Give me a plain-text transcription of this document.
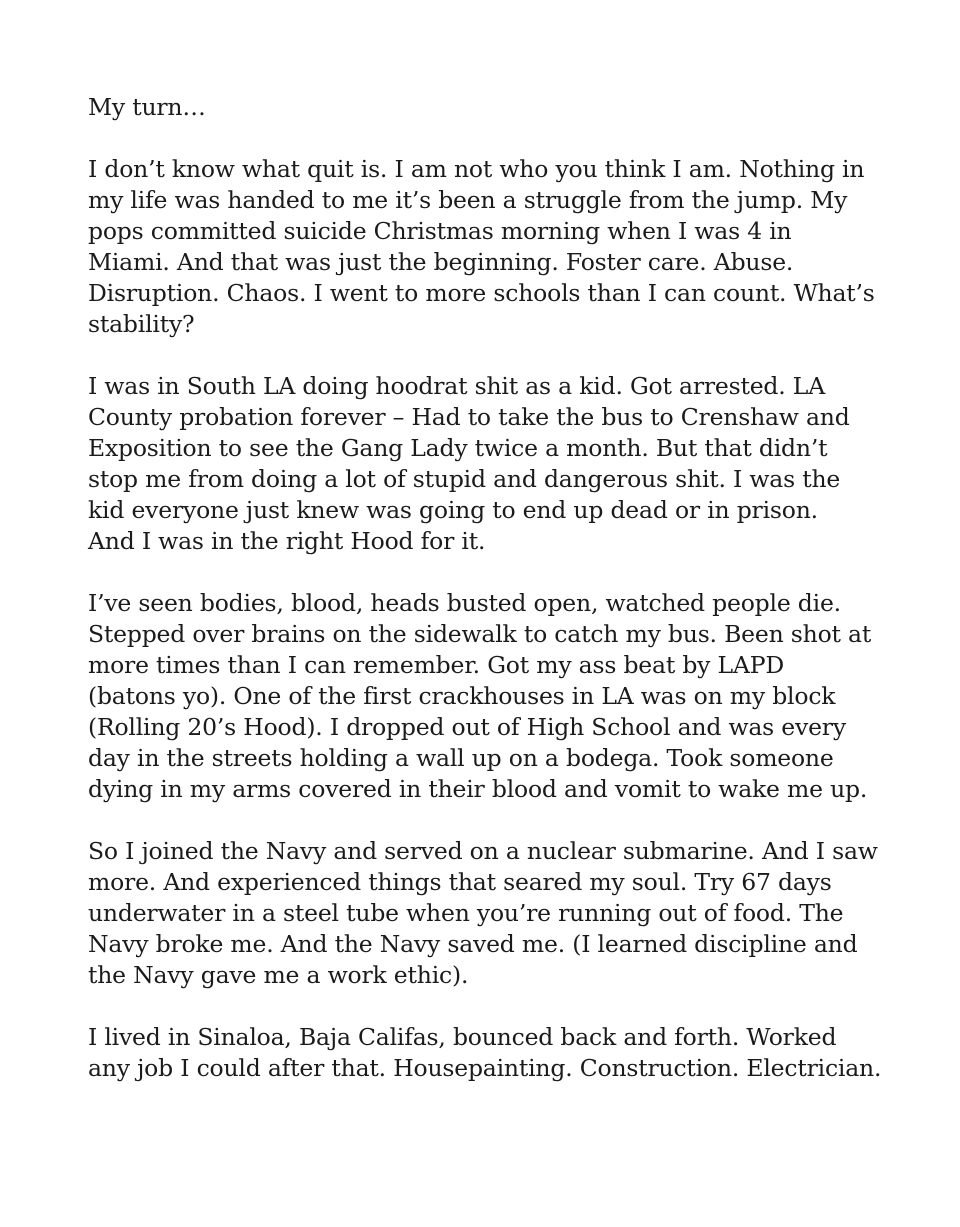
My turn…

I don’t know what quit is. I am not who you think I am. Nothing in
my life was handed to me it’s been a struggle from the jump. My
pops committed suicide Christmas morning when I was 4 in
Miami. And that was just the beginning. Foster care. Abuse.
Disruption. Chaos. I went to more schools than I can count. What’s
stability?

I was in South LA doing hoodrat shit as a kid. Got arrested. LA
County probation forever – Had to take the bus to Crenshaw and
Exposition to see the Gang Lady twice a month. But that didn’t
stop me from doing a lot of stupid and dangerous shit. I was the
kid everyone just knew was going to end up dead or in prison.
And I was in the right Hood for it.

I’ve seen bodies, blood, heads busted open, watched people die.
Stepped over brains on the sidewalk to catch my bus. Been shot at
more times than I can remember. Got my ass beat by LAPD
(batons yo). One of the first crackhouses in LA was on my block
(Rolling 20’s Hood). I dropped out of High School and was every
day in the streets holding a wall up on a bodega. Took someone
dying in my arms covered in their blood and vomit to wake me up.

So I joined the Navy and served on a nuclear submarine. And I saw
more. And experienced things that seared my soul. Try 67 days
underwater in a steel tube when you’re running out of food. The
Navy broke me. And the Navy saved me. (I learned discipline and
the Navy gave me a work ethic).

I lived in Sinaloa, Baja Califas, bounced back and forth. Worked
any job I could after that. Housepainting. Construction. Electrician.
